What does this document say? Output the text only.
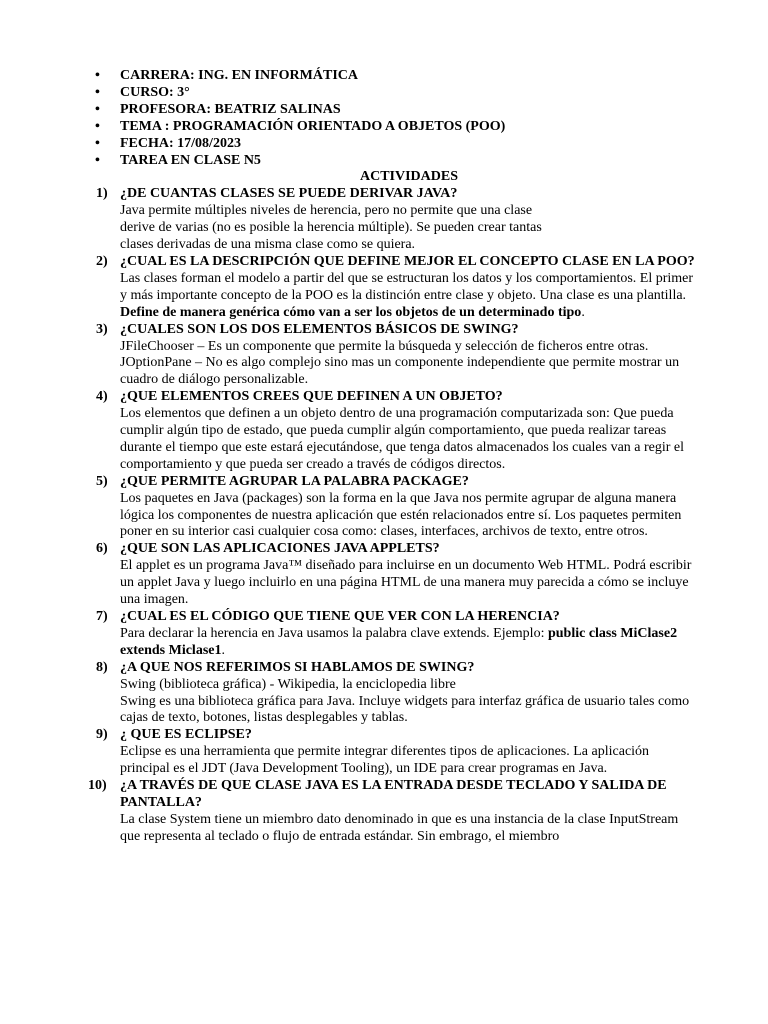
• CARRERA: ING. EN INFORMÁTICA
• CURSO: 3°
• PROFESORA: BEATRIZ SALINAS
• TEMA : PROGRAMACIÓN ORIENTADO A OBJETOS (POO)
• FECHA: 17/08/2023
• TAREA EN CLASE N5
ACTIVIDADES
1) ¿DE CUANTAS CLASES SE PUEDE DERIVAR JAVA?

Java permite múltiples niveles de herencia, pero no permite que una clase derive de varias (no es posible la herencia múltiple). Se pueden crear tantas clases derivadas de una misma clase como se quiera.

2) ¿CUAL ES LA DESCRIPCIÓN QUE DEFINE MEJOR EL CONCEPTO CLASE EN LA POO?

Las clases forman el modelo a partir del que se estructuran los datos y los comportamientos. El primer y más importante concepto de la POO es la distinción entre clase y objeto. Una clase es una plantilla. Define de manera genérica cómo van a ser los objetos de un determinado tipo.

3) ¿CUALES SON LOS DOS ELEMENTOS BÁSICOS DE SWING?

JFileChooser – Es un componente que permite la búsqueda y selección de ficheros entre otras. JOptionPane – No es algo complejo sino mas un componente independiente que permite mostrar un cuadro de diálogo personalizable.

4) ¿QUE ELEMENTOS CREES QUE DEFINEN A UN OBJETO?

Los elementos que definen a un objeto dentro de una programación computarizada son: Que pueda cumplir algún tipo de estado, que pueda cumplir algún comportamiento, que pueda realizar tareas durante el tiempo que este estará ejecutándose, que tenga datos almacenados los cuales van a regir el comportamiento y que pueda ser creado a través de códigos directos.

5) ¿QUE PERMITE AGRUPAR LA PALABRA PACKAGE?

Los paquetes en Java (packages) son la forma en la que Java nos permite agrupar de alguna manera lógica los componentes de nuestra aplicación que estén relacionados entre sí. Los paquetes permiten poner en su interior casi cualquier cosa como: clases, interfaces, archivos de texto, entre otros.

6) ¿QUE SON LAS APLICACIONES JAVA APPLETS?

El applet es un programa Java™ diseñado para incluirse en un documento Web HTML. Podrá escribir un applet Java y luego incluirlo en una página HTML de una manera muy parecida a cómo se incluye una imagen.

7) ¿CUAL ES EL CÓDIGO QUE TIENE QUE VER CON LA HERENCIA?

Para declarar la herencia en Java usamos la palabra clave extends. Ejemplo: public class MiClase2 extends Miclase1.

8) ¿A QUE NOS REFERIMOS SI HABLAMOS DE SWING?

Swing (biblioteca gráfica) - Wikipedia, la enciclopedia libre

Swing es una biblioteca gráfica para Java. Incluye widgets para interfaz gráfica de usuario tales como cajas de texto, botones, listas desplegables y tablas.

9) ¿ QUE ES ECLIPSE?

Eclipse es una herramienta que permite integrar diferentes tipos de aplicaciones. La aplicación principal es el JDT (Java Development Tooling), un IDE para crear programas en Java.

10) ¿A TRAVÉS DE QUE CLASE JAVA ES LA ENTRADA DESDE TECLADO Y SALIDA DE PANTALLA?

La clase System tiene un miembro dato denominado in que es una instancia de la clase InputStream que representa al teclado o flujo de entrada estándar. Sin embrago, el miembro
